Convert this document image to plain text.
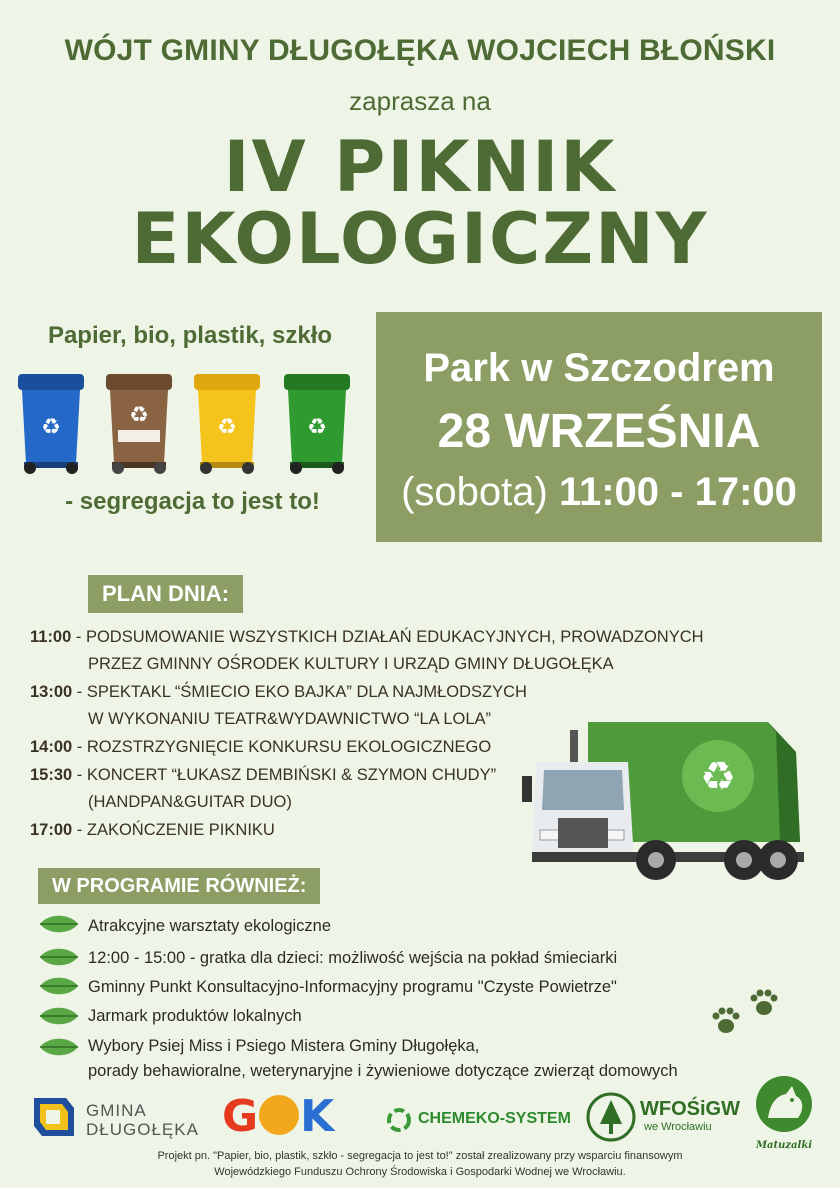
WÓJT GMINY DŁUGOŁĘKA WOJCIECH BŁOŃSKI
zaprasza na
IV PIKNIK
EKOLOGICZNY
Papier, bio, plastik, szkło
♻	♻	♻	♻
- segregacja to jest to!
Park w Szczodrem
28 WRZEŚNIA
(sobota) 11:00 - 17:00
PLAN DNIA:
11:00 - PODSUMOWANIE WSZYSTKICH DZIAŁAŃ EDUKACYJNYCH, PROWADZONYCH
PRZEZ GMINNY OŚRODEK KULTURY I URZĄD GMINY DŁUGOŁĘKA
13:00 - SPEKTAKL “ŚMIECIO EKO BAJKA” DLA NAJMŁODSZYCH
W WYKONANIU TEATR&WYDAWNICTWO “LA LOLA”
14:00 - ROZSTRZYGNIĘCIE KONKURSU EKOLOGICZNEGO
15:30 - KONCERT “ŁUKASZ DEMBIŃSKI & SZYMON CHUDY”
(HANDPAN&GUITAR DUO)
17:00 - ZAKOŃCZENIE PIKNIKU
♻
W PROGRAMIE RÓWNIEŻ:
Atrakcyjne warsztaty ekologiczne
12:00 - 15:00 - gratka dla dzieci: możliwość wejścia na pokład śmieciarki
Gminny Punkt Konsultacyjno-Informacyjny programu "Czyste Powietrze"
Jarmark produktów lokalnych
Wybory Psiej Miss i Psiego Mistera Gminy Długołęka,
porady behawioralne, weterynaryjne i żywieniowe dotyczące zwierząt domowych
GMINA
DŁUGOŁĘKA G K	CHEMEKO-SYSTEM	WFOŚiGW
we Wrocławiu
Matuzalki
Projekt pn. "Papier, bio, plastik, szkło - segregacja to jest to!" został zrealizowany przy wsparciu finansowym
Wojewódzkiego Funduszu Ochrony Środowiska i Gospodarki Wodnej we Wrocławiu.
